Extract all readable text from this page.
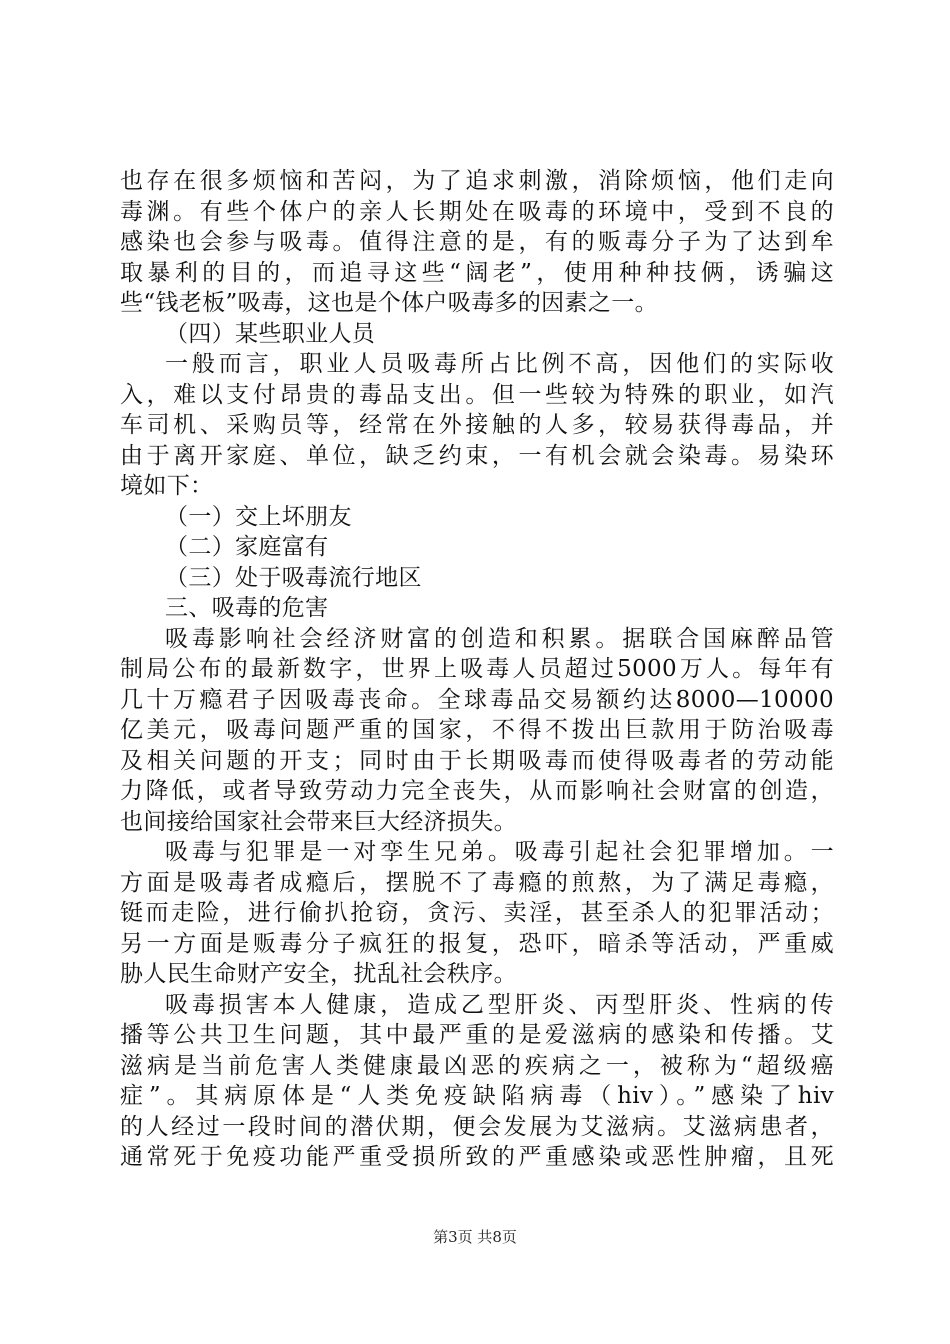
也存在很多烦恼和苦闷，为了追求刺激，消除烦恼，他们走向
毒渊。有些个体户的亲人长期处在吸毒的环境中，受到不良的
感染也会参与吸毒。值得注意的是，有的贩毒分子为了达到牟
取暴利的目的，而追寻这些“阔老”，使用种种技俩，诱骗这
些“钱老板”吸毒，这也是个体户吸毒多的因素之一。
（四）某些职业人员
一般而言，职业人员吸毒所占比例不高，因他们的实际收
入，难以支付昂贵的毒品支出。但一些较为特殊的职业，如汽
车司机、采购员等，经常在外接触的人多，较易获得毒品，并
由于离开家庭、单位，缺乏约束，一有机会就会染毒。易染环
境如下：
（一）交上坏朋友
（二）家庭富有
（三）处于吸毒流行地区
三、吸毒的危害
吸毒影响社会经济财富的创造和积累。据联合国麻醉品管
制局公布的最新数字，世界上吸毒人员超过5000万人。每年有
几十万瘾君子因吸毒丧命。全球毒品交易额约达8000—10000
亿美元，吸毒问题严重的国家，不得不拨出巨款用于防治吸毒
及相关问题的开支；同时由于长期吸毒而使得吸毒者的劳动能
力降低，或者导致劳动力完全丧失，从而影响社会财富的创造，
也间接给国家社会带来巨大经济损失。
吸毒与犯罪是一对孪生兄弟。吸毒引起社会犯罪增加。一
方面是吸毒者成瘾后，摆脱不了毒瘾的煎熬，为了满足毒瘾，
铤而走险，进行偷扒抢窃，贪污、卖淫，甚至杀人的犯罪活动；
另一方面是贩毒分子疯狂的报复，恐吓，暗杀等活动，严重威
胁人民生命财产安全，扰乱社会秩序。
吸毒损害本人健康，造成乙型肝炎、丙型肝炎、性病的传
播等公共卫生问题，其中最严重的是爱滋病的感染和传播。艾
滋病是当前危害人类健康最凶恶的疾病之一，被称为“超级癌
症”。其病原体是“人类免疫缺陷病毒（hiv）。”感染了hiv
的人经过一段时间的潜伏期，便会发展为艾滋病。艾滋病患者，
通常死于免疫功能严重受损所致的严重感染或恶性肿瘤，且死
第3页 共8页
